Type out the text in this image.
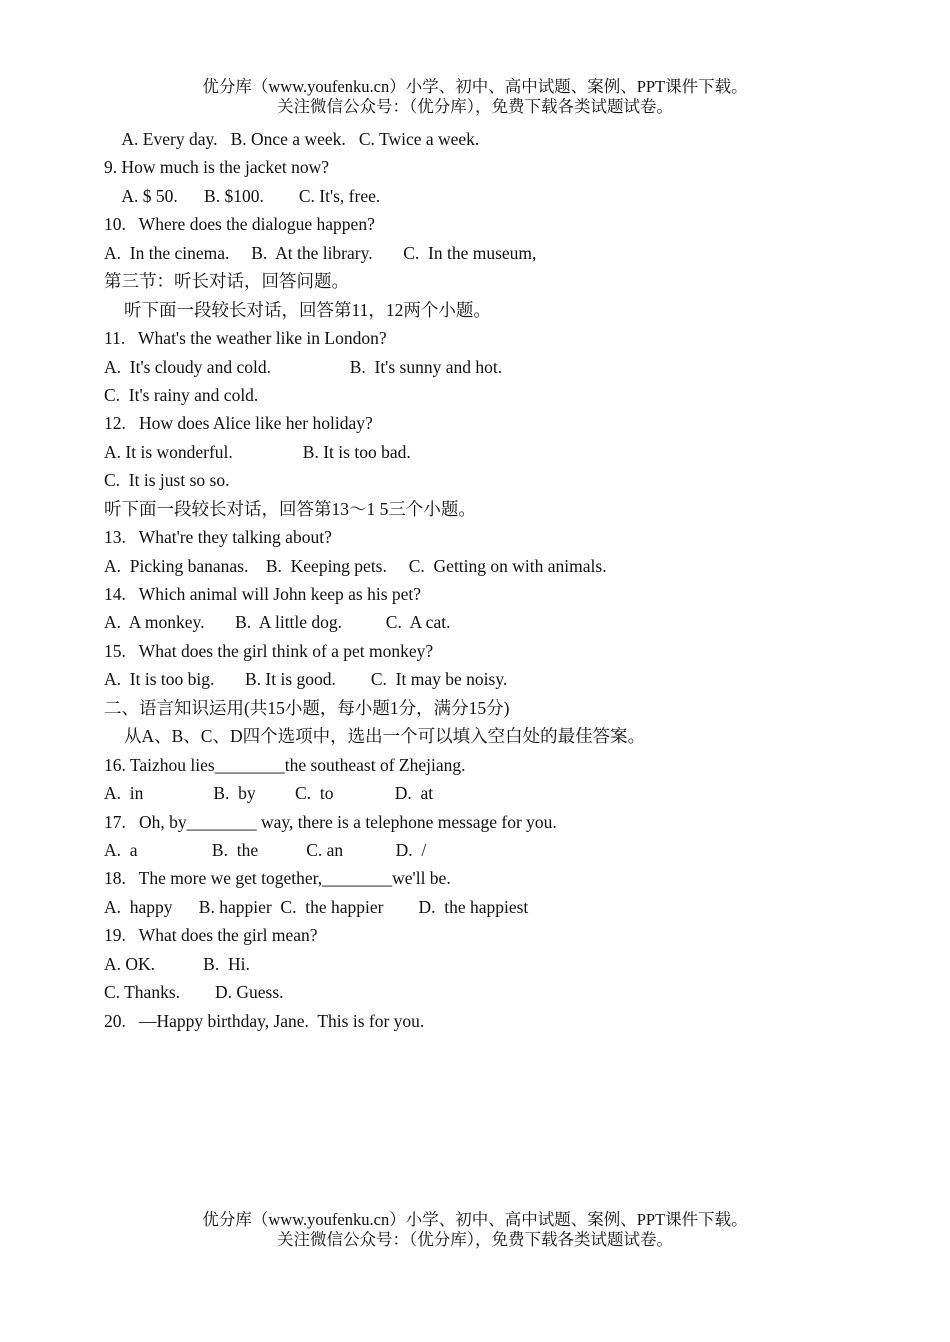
优分库（www.youfenku.cn）小学、初中、高中试题、案例、PPT课件下载。
关注微信公众号：（优分库），免费下载各类试题试卷。
A. Every day.   B. Once a week.   C. Twice a week.
9. How much is the jacket now?
A. $ 50.      B. $100.        C. It's, free.
10.   Where does the dialogue happen?
A.  In the cinema.     B.  At the library.       C.  In the museum,
第三节：听长对话，回答问题。
听下面一段较长对话，回答第11，12两个小题。
11.   What's the weather like in London?
A.  It's cloudy and cold.                  B.  It's sunny and hot.
C.  It's rainy and cold.
12.   How does Alice like her holiday?
A. It is wonderful.                B. It is too bad.
C.  It is just so so.
听下面一段较长对话，回答第13～1 5三个小题。
13.   What're they talking about?
A.  Picking bananas.    B.  Keeping pets.     C.  Getting on with animals.
14.   Which animal will John keep as his pet?
A.  A monkey.       B.  A little dog.          C.  A cat.
15.   What does the girl think of a pet monkey?
A.  It is too big.       B. It is good.        C.  It may be noisy.
二、语言知识运用(共15小题，每小题1分，满分15分)
从A、B、C、D四个选项中，选出一个可以填入空白处的最佳答案。
16. Taizhou lies________the southeast of Zhejiang.
A.  in                B.  by         C.  to              D.  at
17.   Oh, by________ way, there is a telephone message for you.
A.  a                 B.  the           C. an            D.  /
18.   The more we get together,________we'll be.
A.  happy      B. happier  C.  the happier        D.  the happiest
19.   What does the girl mean?
A. OK.           B.  Hi.
C. Thanks.        D. Guess.
20.   —Happy birthday, Jane.  This is for you.
优分库（www.youfenku.cn）小学、初中、高中试题、案例、PPT课件下载。
关注微信公众号：（优分库），免费下载各类试题试卷。
